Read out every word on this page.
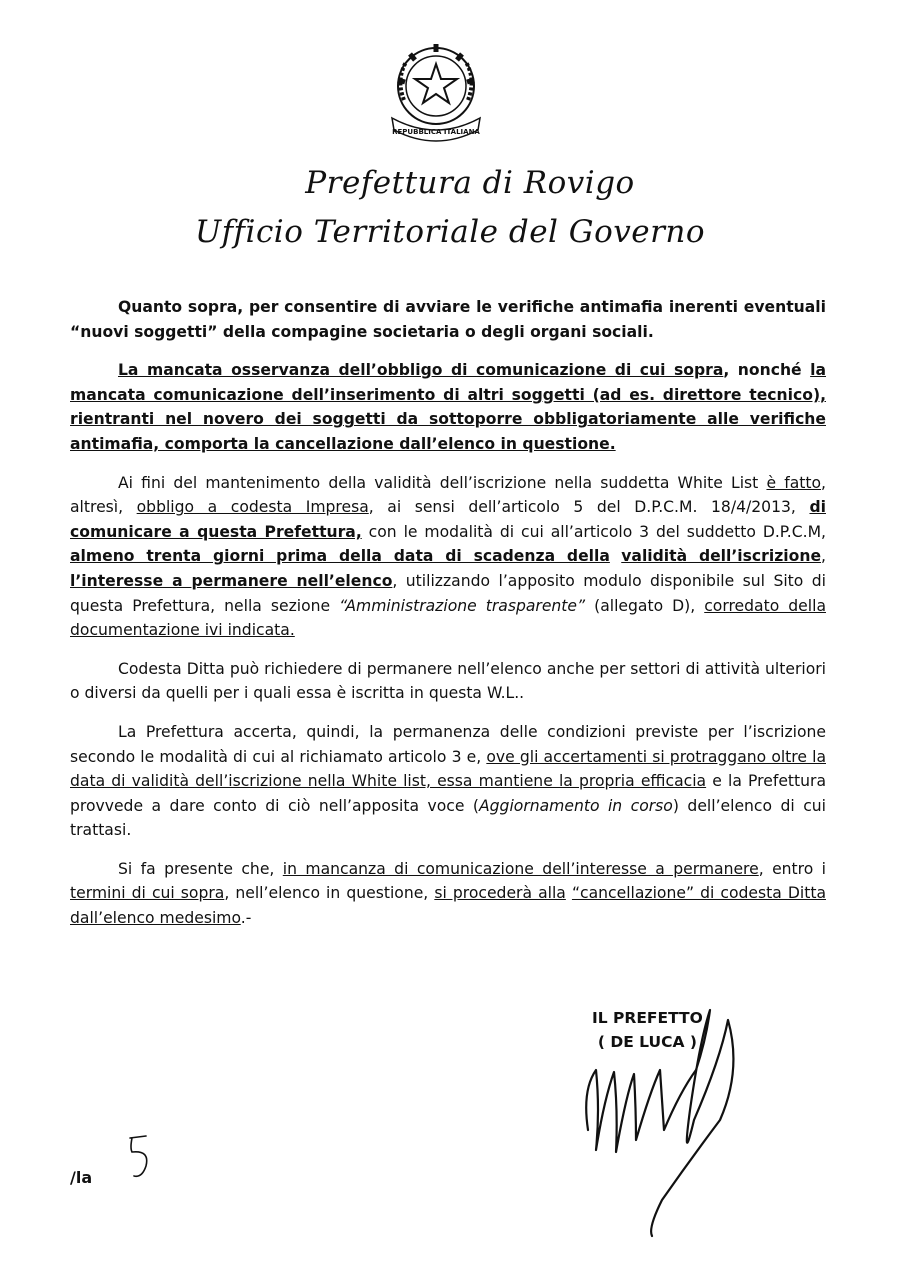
REPUBBLICA ITALIANA
Prefettura di Rovigo
Ufficio Territoriale del Governo

Quanto sopra, per consentire di avviare le verifiche antimafia inerenti eventuali “nuovi soggetti” della compagine societaria o degli organi sociali.

La mancata osservanza dell’obbligo di comunicazione di cui sopra, nonché la mancata comunicazione dell’inserimento di altri soggetti (ad es. direttore tecnico), rientranti nel novero dei soggetti da sottoporre obbligatoriamente alle verifiche antimafia, comporta la cancellazione dall’elenco in questione.

Ai fini del mantenimento della validità dell’iscrizione nella suddetta White List è fatto, altresì, obbligo a codesta Impresa, ai sensi dell’articolo 5 del D.P.C.M. 18/4/2013, di comunicare a questa Prefettura, con le modalità di cui all’articolo 3 del suddetto D.P.C.M, almeno trenta giorni prima della data di scadenza della validità dell’iscrizione, l’interesse a permanere nell’elenco, utilizzando l’apposito modulo disponibile sul Sito di questa Prefettura, nella sezione “Amministrazione trasparente” (allegato D), corredato della documentazione ivi indicata.

Codesta Ditta può richiedere di permanere nell’elenco anche per settori di attività ulteriori o diversi da quelli per i quali essa è iscritta in questa W.L..

La Prefettura accerta, quindi, la permanenza delle condizioni previste per l’iscrizione secondo le modalità di cui al richiamato articolo 3 e, ove gli accertamenti si protraggano oltre la data di validità dell’iscrizione nella White list, essa mantiene la propria efficacia e la Prefettura provvede a dare conto di ciò nell’apposita voce (Aggiornamento in corso) dell’elenco di cui trattasi.

Si fa presente che, in mancanza di comunicazione dell’interesse a permanere, entro i termini di cui sopra, nell’elenco in questione, si procederà alla “cancellazione” di codesta Ditta dall’elenco medesimo.-

IL PREFETTO
( DE LUCA )
/la
